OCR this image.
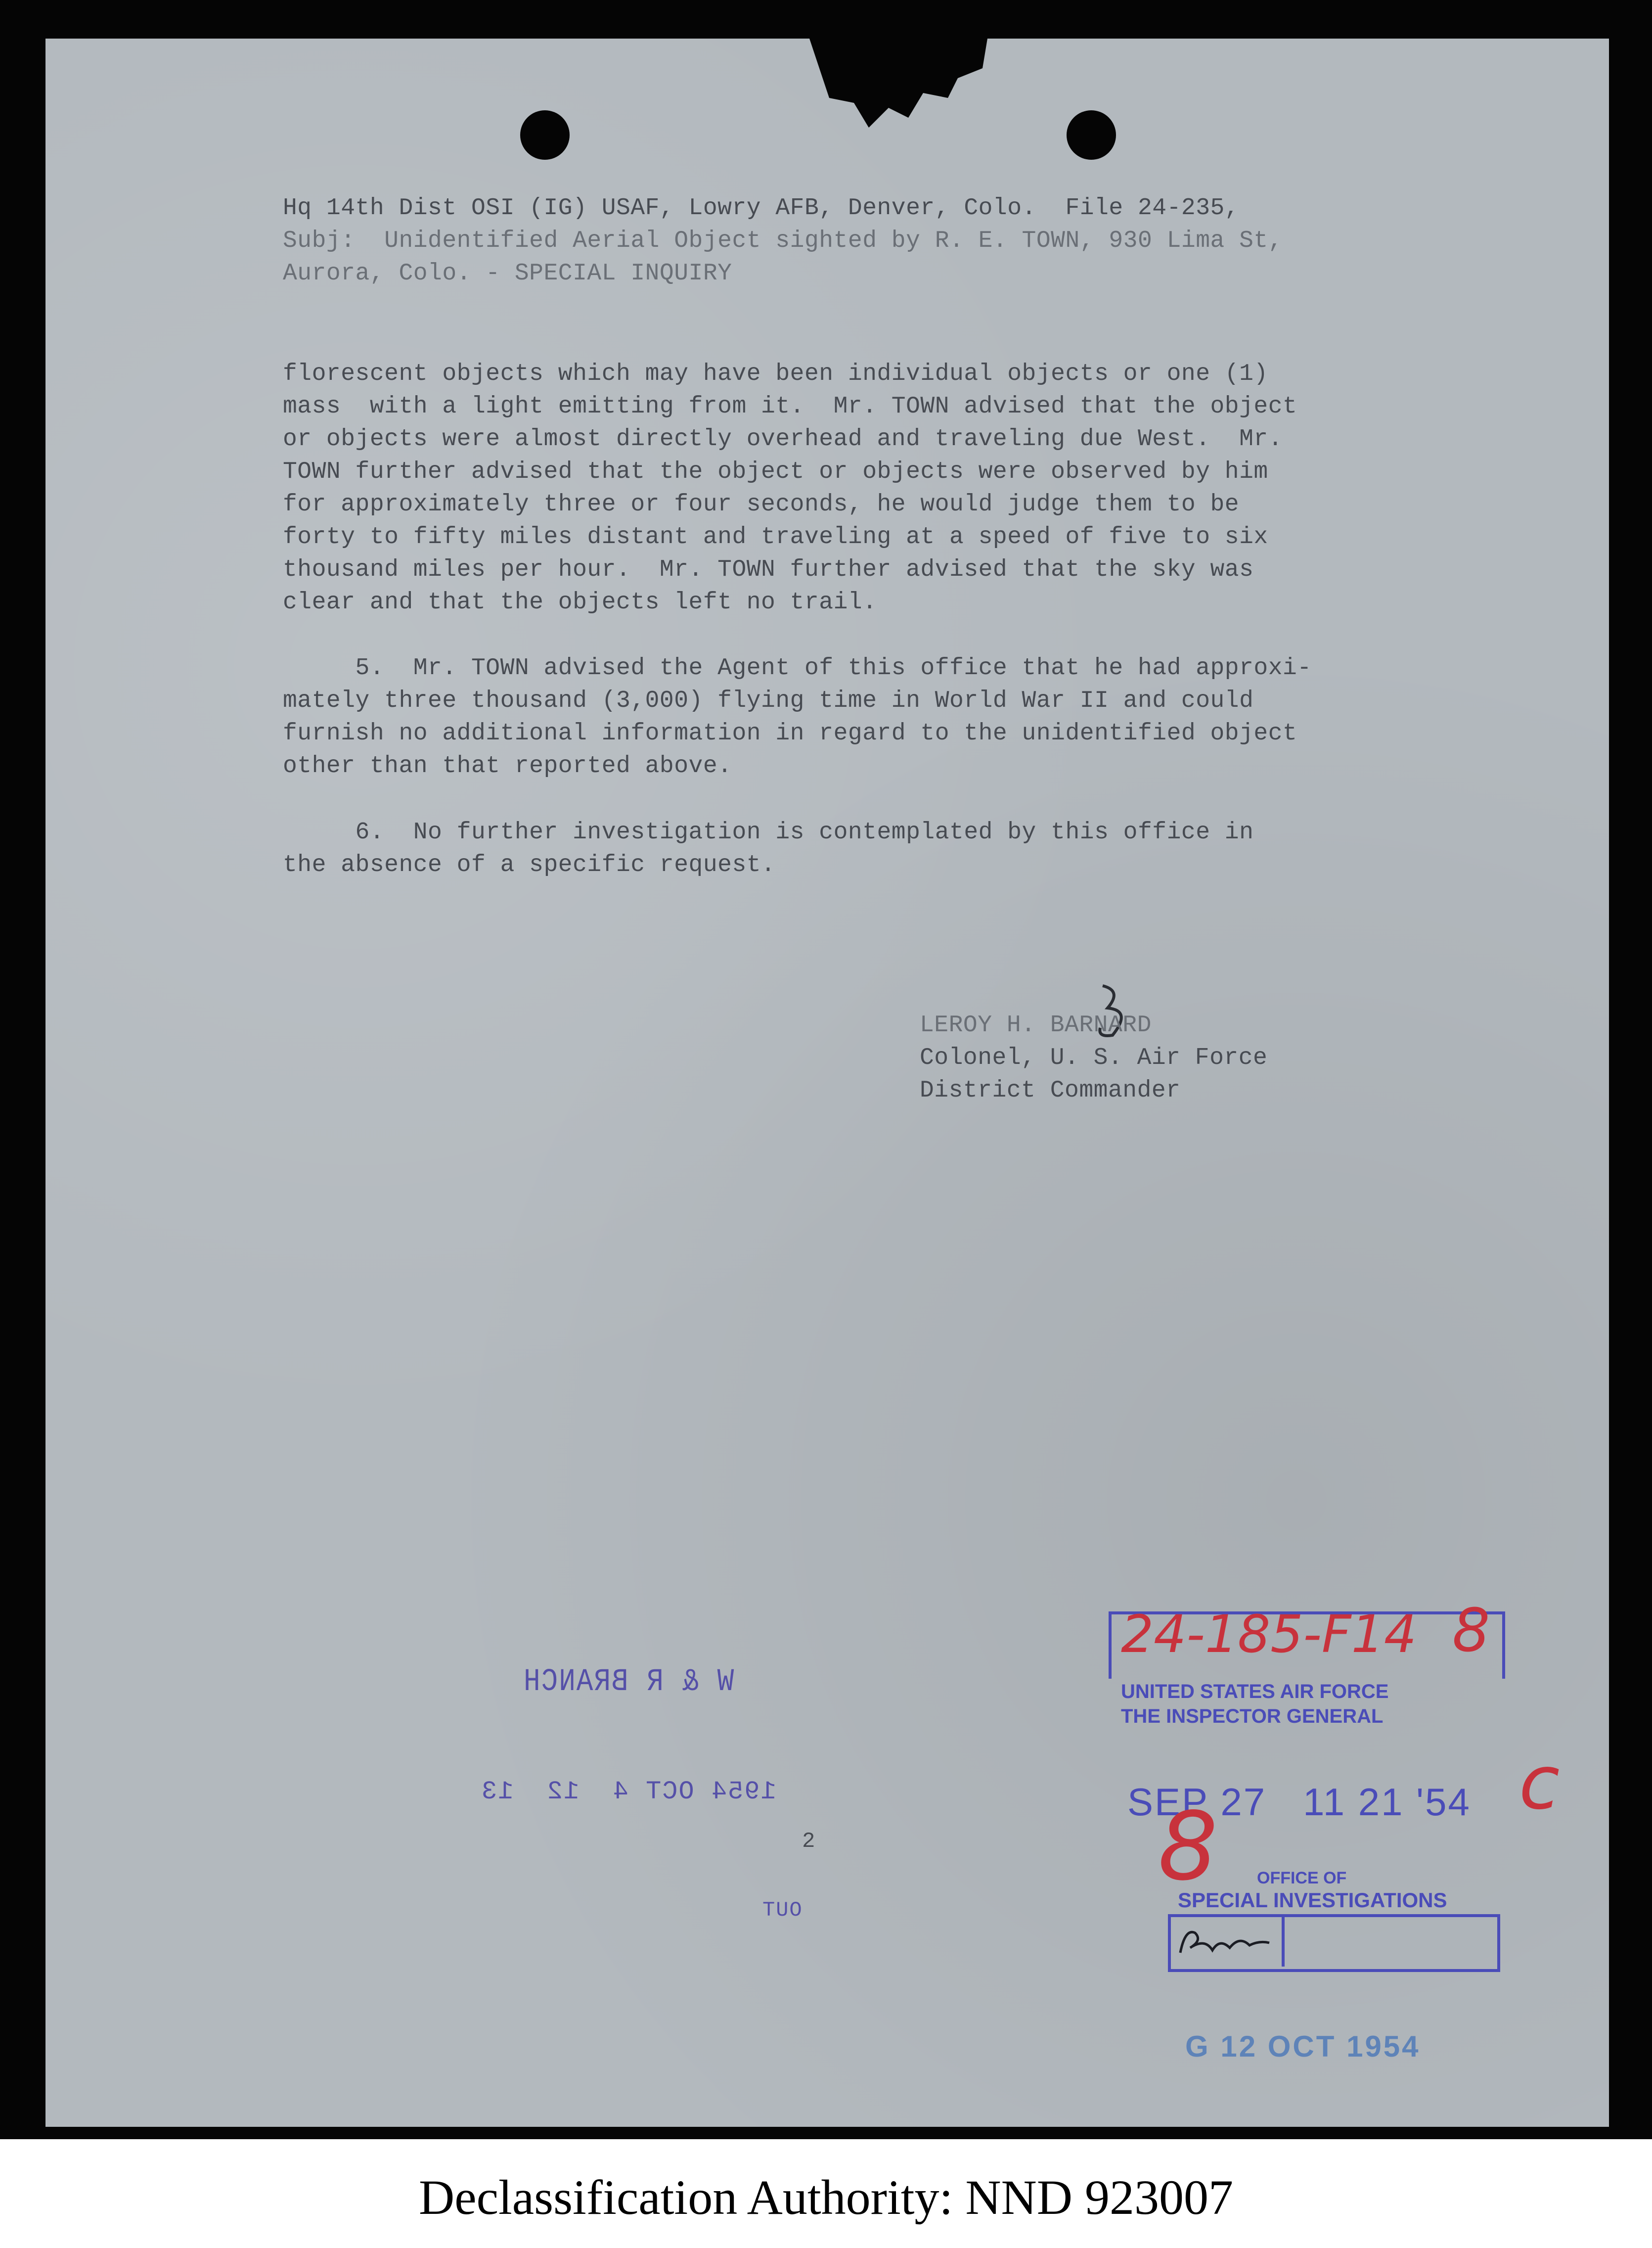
Hq 14th Dist OSI (IG) USAF, Lowry AFB, Denver, Colo.  File 24-235,
Subj:  Unidentified Aerial Object sighted by R. E. TOWN, 930 Lima St,
Aurora, Colo. - SPECIAL INQUIRY
florescent objects which may have been individual objects or one (1)
mass  with a light emitting from it.  Mr. TOWN advised that the object
or objects were almost directly overhead and traveling due West.  Mr.
TOWN further advised that the object or objects were observed by him
for approximately three or four seconds, he would judge them to be
forty to fifty miles distant and traveling at a speed of five to six
thousand miles per hour.  Mr. TOWN further advised that the sky was
clear and that the objects left no trail.
5.  Mr. TOWN advised the Agent of this office that he had approxi-
mately three thousand (3,000) flying time in World War II and could
furnish no additional information in regard to the unidentified object
other than that reported above.
6.  No further investigation is contemplated by this office in
the absence of a specific request.
LEROY H. BARNARD
Colonel, U. S. Air Force
District Commander
W & R BRANCH
1954 OCT 4  12  13
2
OUT
24-185-F14 8
UNITED STATES AIR FORCE
THE INSPECTOR GENERAL
SEP 27   11 21 '54 c
8 OFFICE OF
SPECIAL INVESTIGATIONS
G 12 OCT 1954
Declassification Authority: NND 923007
